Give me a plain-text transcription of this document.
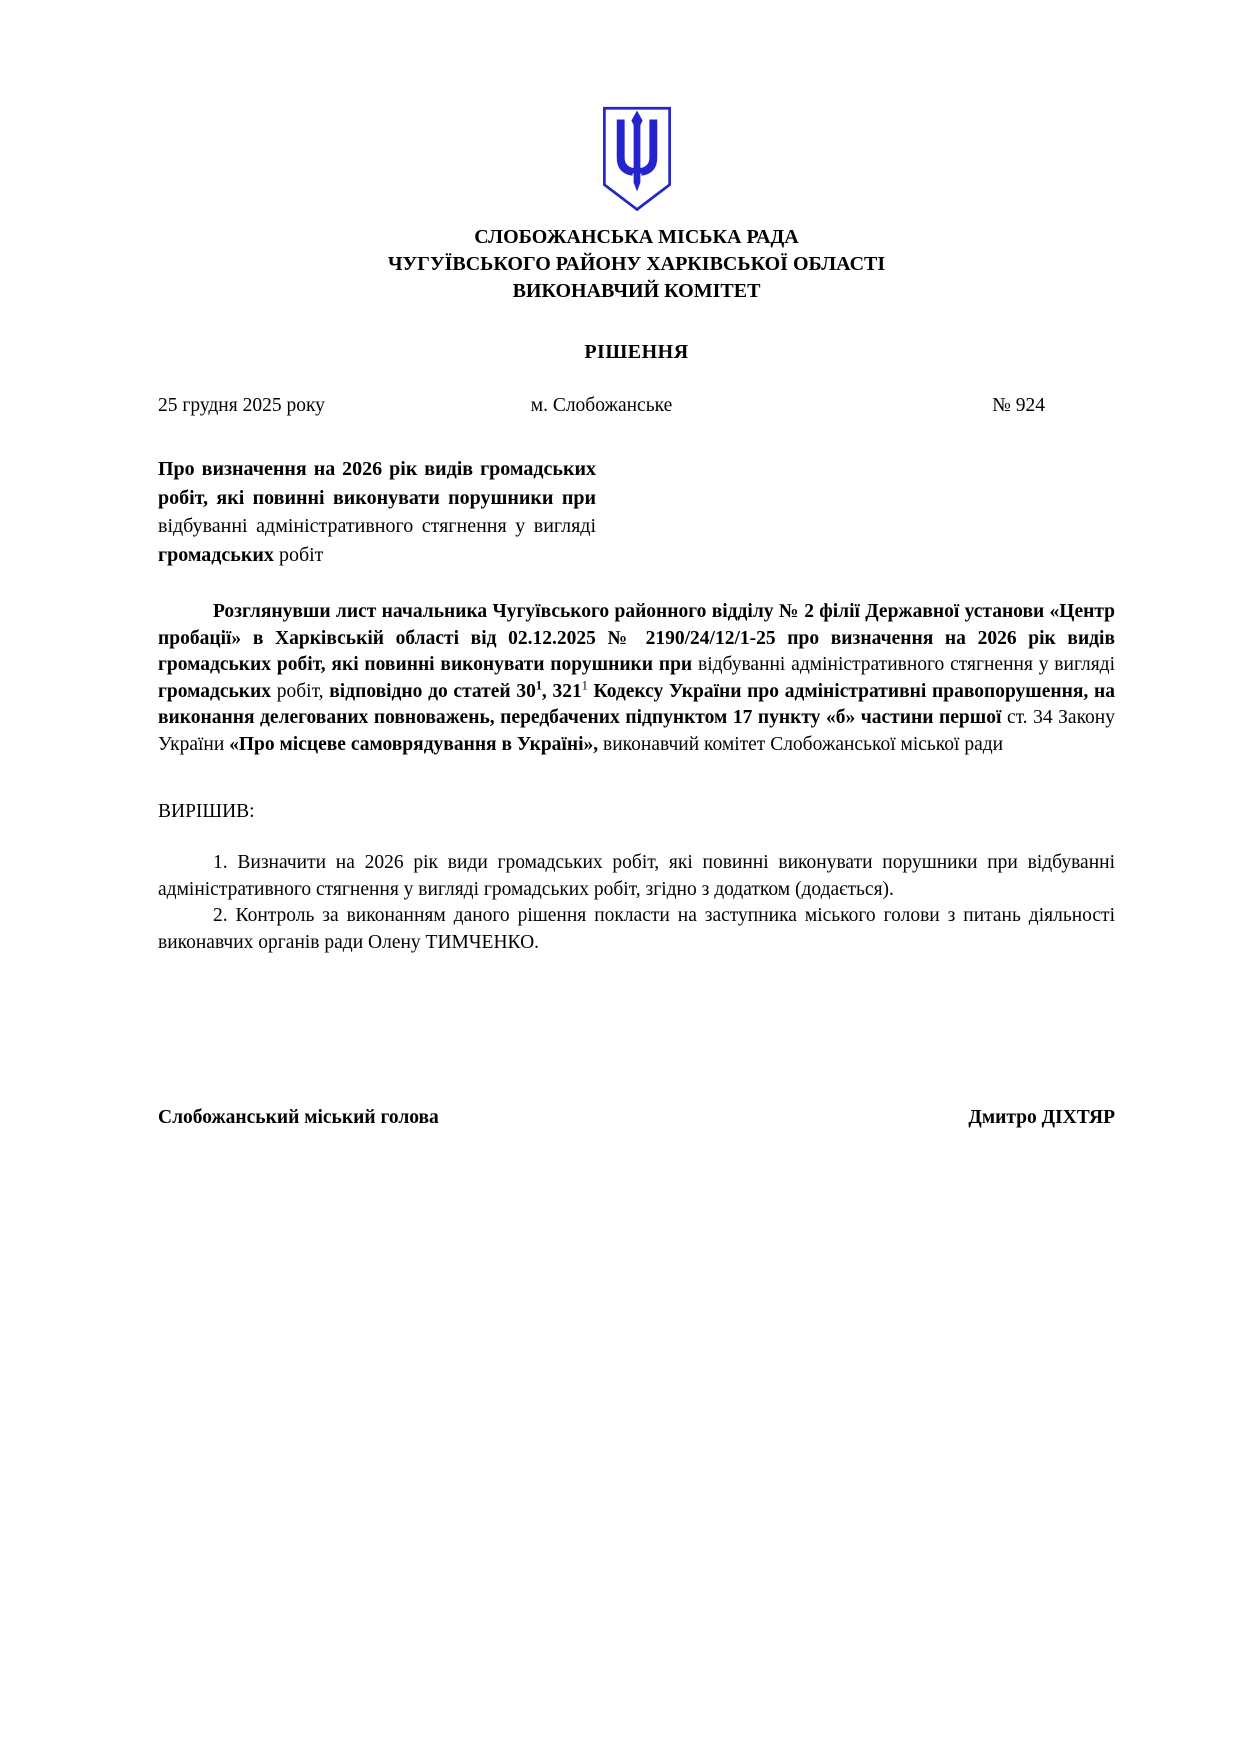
СЛОБОЖАНСЬКА МІСЬКА РАДА
ЧУГУЇВСЬКОГО РАЙОНУ ХАРКІВСЬКОЇ ОБЛАСТІ
ВИКОНАВЧИЙ КОМІТЕТ
РІШЕННЯ
25 грудня 2025 року	м. Слобожанське	№ 924
Про визначення на 2026 рік видів громадських робіт, які повинні виконувати порушники при відбуванні адміністративного стягнення у вигляді громадських робіт

Розглянувши лист начальника Чугуївського районного відділу № 2 філії Державної установи «Центр пробації» в Харківській області від 02.12.2025 № 2190/24/12/1-25 про визначення на 2026 рік видів громадських робіт, які повинні виконувати порушники при відбуванні адміністративного стягнення у вигляді громадських робіт, відповідно до статей $30^1$, $321^1$ Кодексу України про адміністративні правопорушення, на виконання делегованих повноважень, передбачених підпунктом 17 пункту «б» частини першої ст. 34 Закону України «Про місцеве самоврядування в Україні», виконавчий комітет Слобожанської міської ради

ВИРІШИВ:

1. Визначити на 2026 рік види громадських робіт, які повинні виконувати порушники при відбуванні адміністративного стягнення у вигляді громадських робіт, згідно з додатком (додається).

2. Контроль за виконанням даного рішення покласти на заступника міського голови з питань діяльності виконавчих органів ради Олену ТИМЧЕНКО.

Слобожанський міський голова	Дмитро ДІХТЯР
